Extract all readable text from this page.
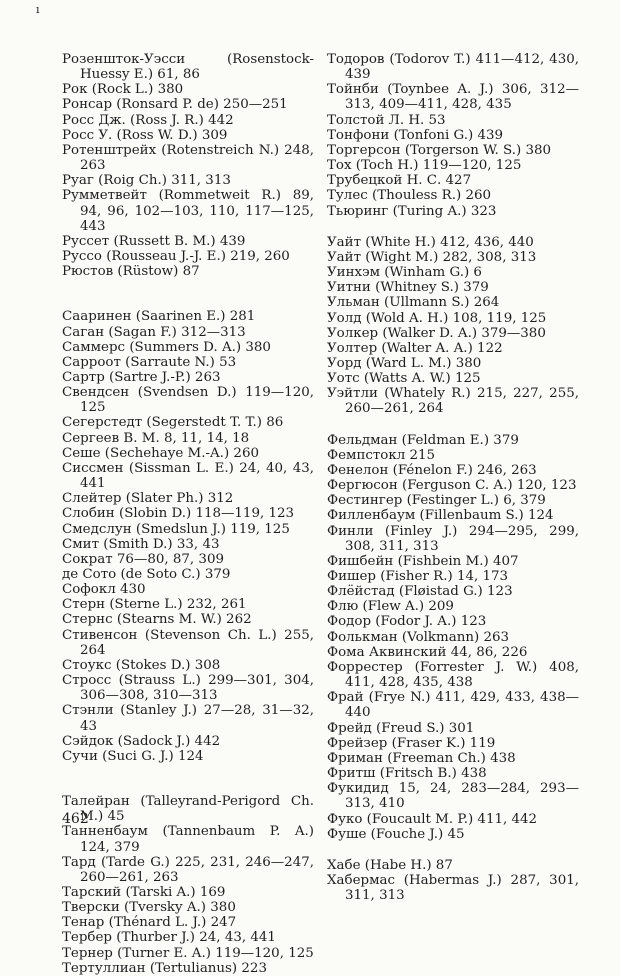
ı
Розеншток-Уэсси (Rosenstock-Huessy E.) 61, 86
Рок (Rock L.) 380
Ронсар (Ronsard P. de) 250—251
Росс Дж. (Ross J. R.) 442
Росс У. (Ross W. D.) 309
Ротенштрейх (Rotenstreich N.) 248, 263
Руаг (Roig Ch.) 311, 313
Румметвейт (Rommetweit R.) 89, 94, 96, 102—103, 110, 117—125, 443
Руссет (Russett B. M.) 439
Руссо (Rousseau J.-J. E.) 219, 260
Рюстов (Rüstow) 87
Сааринен (Saarinen E.) 281
Саган (Sagan F.) 312—313
Саммерс (Summers D. A.) 380
Сарроот (Sarraute N.) 53
Сартр (Sartre J.-P.) 263
Свендсен (Svendsen D.) 119—120, 125
Сегерстедт (Segerstedt T. T.) 86
Сергеев В. М. 8, 11, 14, 18
Сеше (Sechehaye M.-A.) 260
Сиссмен (Sissman L. E.) 24, 40, 43, 441
Слейтер (Slater Ph.) 312
Слобин (Slobin D.) 118—119, 123
Смедслун (Smedslun J.) 119, 125
Смит (Smith D.) 33, 43
Сократ 76—80, 87, 309
де Сото (de Soto C.) 379
Софокл 430
Стерн (Sterne L.) 232, 261
Стернс (Stearns M. W.) 262
Стивенсон (Stevenson Ch. L.) 255, 264
Стоукс (Stokes D.) 308
Стросс (Strauss L.) 299—301, 304, 306—308, 310—313
Стэнли (Stanley J.) 27—28, 31—32, 43
Сэйдок (Sadock J.) 442
Сучи (Suci G. J.) 124
Талейран (Talleyrand-Perigord Ch. M.) 45
Танненбаум (Tannenbaum P. A.) 124, 379
Тард (Tarde G.) 225, 231, 246—247, 260—261, 263
Тарский (Tarski A.) 169
Тверски (Tversky A.) 380
Тенар (Thénard L. J.) 247
Тербер (Thurber J.) 24, 43, 441
Тернер (Turner E. A.) 119—120, 125
Тертуллиан (Tertulianus) 223
Тодоров (Todorov T.) 411—412, 430, 439
Тойнби (Toynbee A. J.) 306, 312—313, 409—411, 428, 435
Толстой Л. Н. 53
Тонфони (Tonfoni G.) 439
Торгерсон (Torgerson W. S.) 380
Тох (Toch H.) 119—120, 125
Трубецкой Н. С. 427
Тулес (Thouless R.) 260
Тьюринг (Turing A.) 323
Уайт (White H.) 412, 436, 440
Уайт (Wight M.) 282, 308, 313
Уинхэм (Winham G.) 6
Уитни (Whitney S.) 379
Ульман (Ullmann S.) 264
Уолд (Wold A. H.) 108, 119, 125
Уолкер (Walker D. A.) 379—380
Уолтер (Walter A. A.) 122
Уорд (Ward L. M.) 380
Уотс (Watts A. W.) 125
Уэйтли (Whately R.) 215, 227, 255, 260—261, 264
Фельдман (Feldman E.) 379
Фемпстокл 215
Фенелон (Fénelon F.) 246, 263
Фергюсон (Ferguson C. A.) 120, 123
Фестингер (Festinger L.) 6, 379
Филленбаум (Fillenbaum S.) 124
Финли (Finley J.) 294—295, 299, 308, 311, 313
Фишбейн (Fishbein M.) 407
Фишер (Fisher R.) 14, 173
Флёйстад (Fløistad G.) 123
Флю (Flew A.) 209
Фодор (Fodor J. A.) 123
Фолькман (Volkmann) 263
Фома Аквинский 44, 86, 226
Форрестер (Forrester J. W.) 408, 411, 428, 435, 438
Фрай (Frye N.) 411, 429, 433, 438—440
Фрейд (Freud S.) 301
Фрейзер (Fraser K.) 119
Фриман (Freeman Ch.) 438
Фритш (Fritsch B.) 438
Фукидид 15, 24, 283—284, 293—313, 410
Фуко (Foucault M. P.) 411, 442
Фуше (Fouche J.) 45
Хабе (Habe H.) 87
Хабермас (Habermas J.) 287, 301, 311, 313
462
